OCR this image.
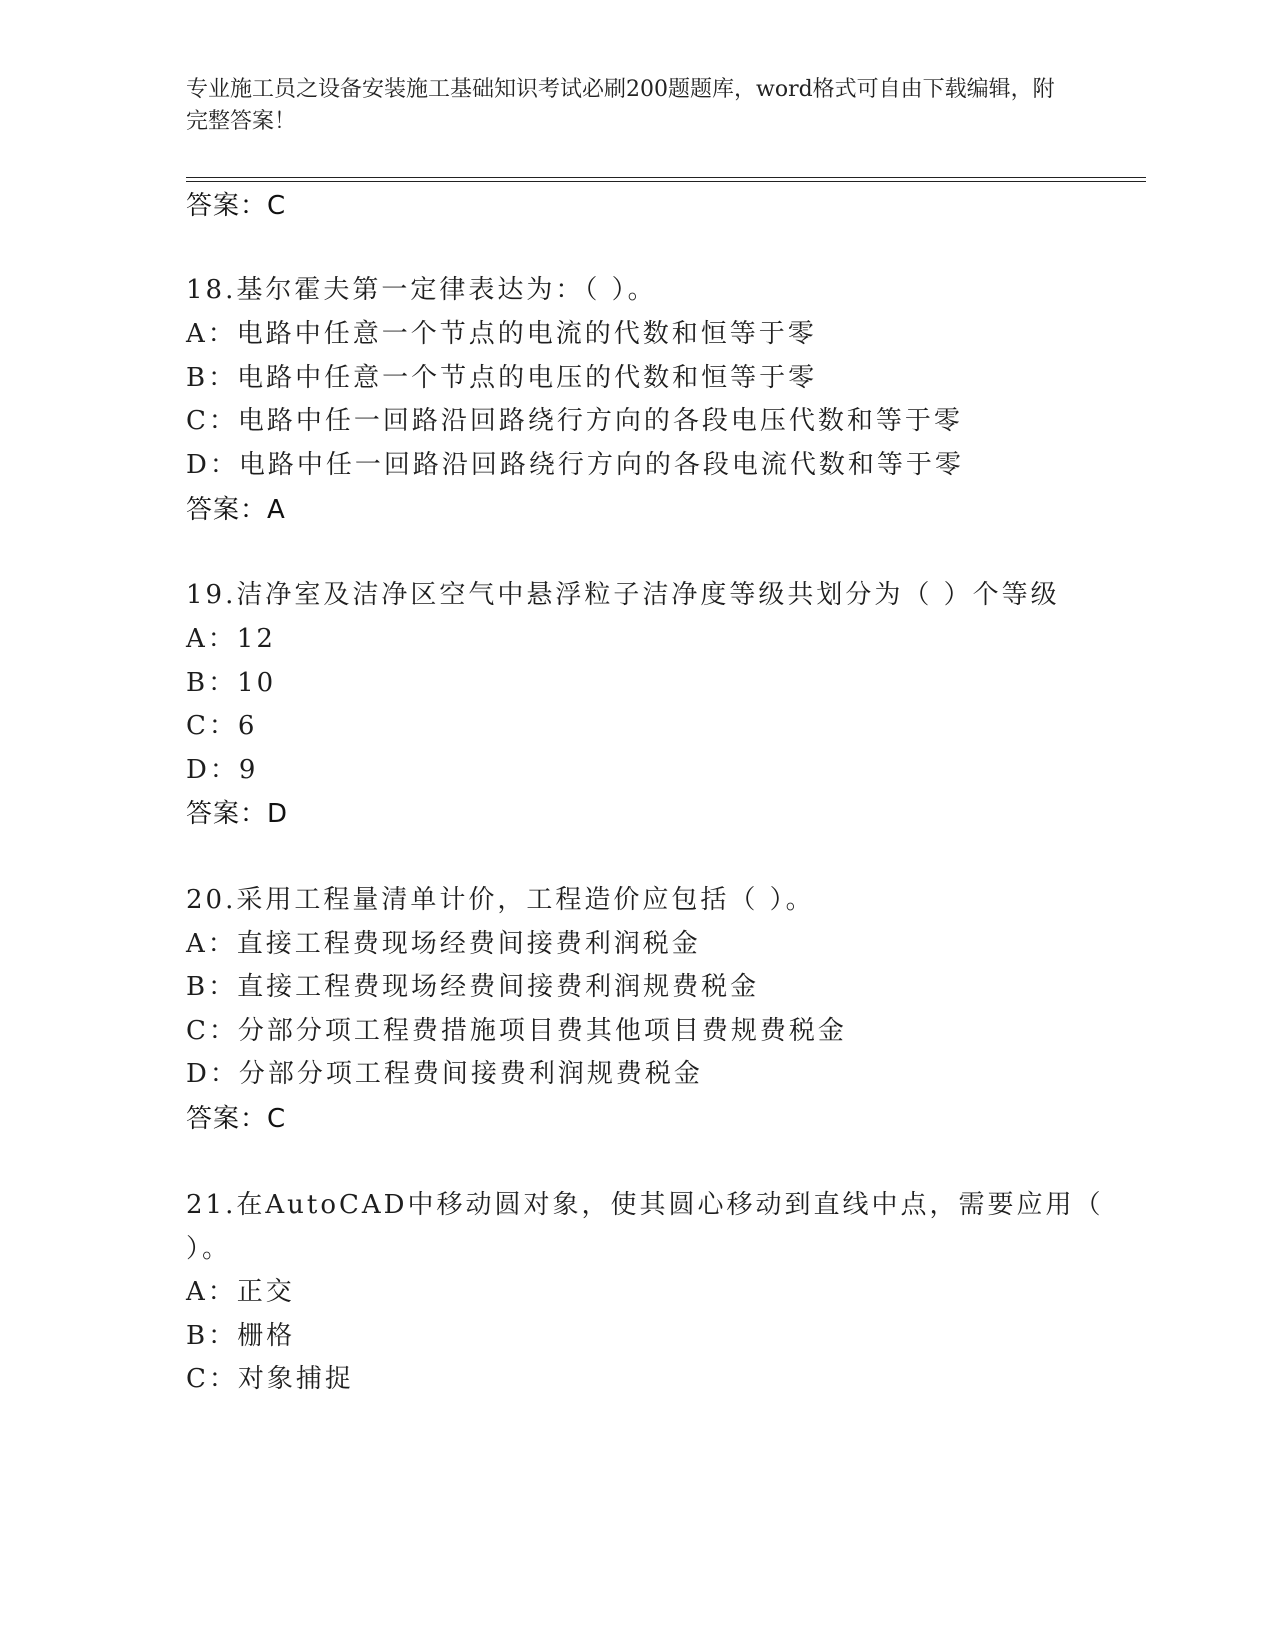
专业施工员之设备安装施工基础知识考试必刷200题题库，word格式可自由下载编辑，附完整答案！
答案：C
18.基尔霍夫第一定律表达为：（ ）。
A：电路中任意一个节点的电流的代数和恒等于零
B：电路中任意一个节点的电压的代数和恒等于零
C：电路中任一回路沿回路绕行方向的各段电压代数和等于零
D：电路中任一回路沿回路绕行方向的各段电流代数和等于零
答案：A
19.洁净室及洁净区空气中悬浮粒子洁净度等级共划分为（ ）个等级
A：12
B：10
C：6
D：9
答案：D
20.采用工程量清单计价，工程造价应包括（ ）。
A：直接工程费现场经费间接费利润税金
B：直接工程费现场经费间接费利润规费税金
C：分部分项工程费措施项目费其他项目费规费税金
D：分部分项工程费间接费利润规费税金
答案：C
21.在AutoCAD中移动圆对象，使其圆心移动到直线中点，需要应用（
）。
A：正交
B：栅格
C：对象捕捉
